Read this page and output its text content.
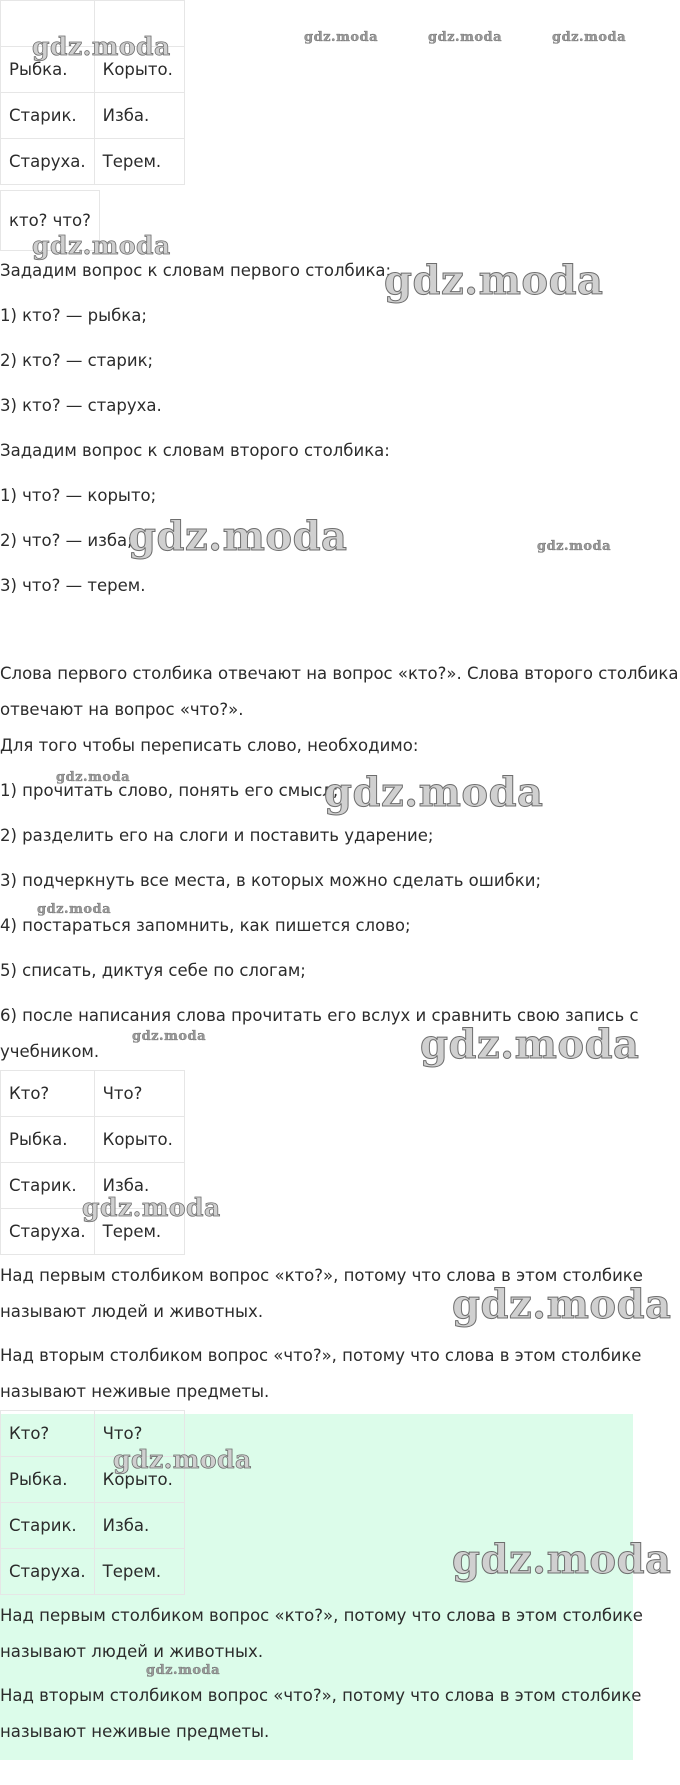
Рыбка.	Корыто.
Старик.	Изба.
Старуха.	Терем.
кто? что?
Зададим вопрос к словам первого столбика:
1) кто? — рыбка;
2) кто? — старик;
3) кто? — старуха.
Зададим вопрос к словам второго столбика:
1) что? — корыто;
2) что? — изба;
3) что? — терем.
Слова первого столбика отвечают на вопрос «кто?». Слова второго столбика
отвечают на вопрос «что?».
Для того чтобы переписать слово, необходимо:
1) прочитать слово, понять его смысл;
2) разделить его на слоги и поставить ударение;
3) подчеркнуть все места, в которых можно сделать ошибки;
4) постараться запомнить, как пишется слово;
5) списать, диктуя себе по слогам;
6) после написания слова прочитать его вслух и сравнить свою запись с
учебником.
Кто?	Что?
Рыбка.	Корыто.
Старик.	Изба.
Старуха.	Терем.
Над первым столбиком вопрос «кто?», потому что слова в этом столбике
называют людей и животных.
Над вторым столбиком вопрос «что?», потому что слова в этом столбике
называют неживые предметы.
Кто?	Что?
Рыбка.	Корыто.
Старик.	Изба.
Старуха.	Терем.
Над первым столбиком вопрос «кто?», потому что слова в этом столбике
называют людей и животных.
Над вторым столбиком вопрос «что?», потому что слова в этом столбике
называют неживые предметы.
gdz.moda	gdz.moda	gdz.moda	gdz.moda
gdz.moda
gdz.moda
gdz.moda	gdz.moda
gdz.moda	gdz.moda
gdz.moda
gdz.moda	gdz.moda
gdz.moda
gdz.moda
gdz.moda
gdz.moda
gdz.moda
